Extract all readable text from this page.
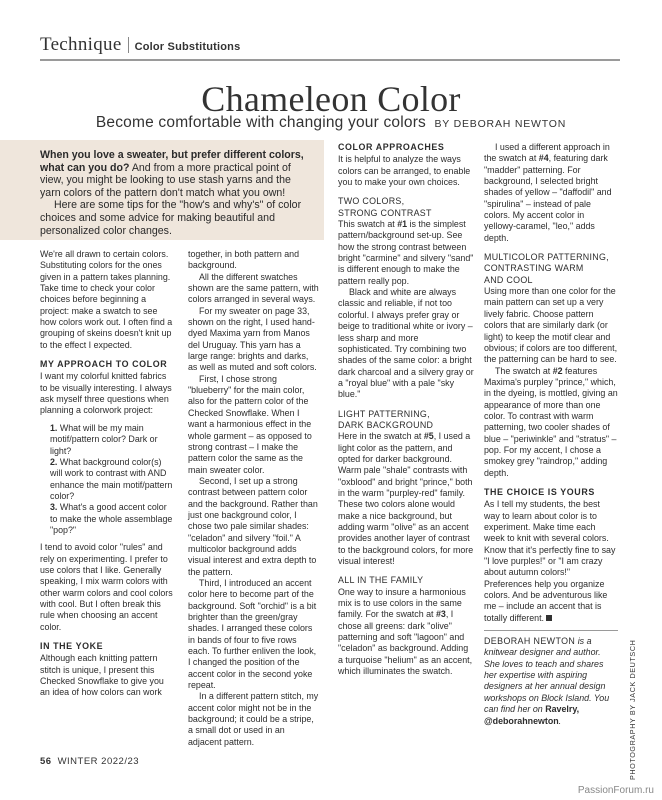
Technique Color Substitutions
Chameleon Color
Become comfortable with changing your colors BY DEBORAH NEWTON

When you love a sweater, but prefer different colors, what can you do? And from a more practical point of view, you might be looking to use stash yarns and the yarn colors of the pattern don't match what you own!

Here are some tips for the "how's and why's" of color choices and some advice for making beautiful and personalized color changes.

We're all drawn to certain colors. Substituting colors for the ones given in a pattern takes planning. Take time to check your color choices before beginning a project: make a swatch to see how colors work out. I often find a grouping of skeins doesn't knit up to the effect I expected.

MY APPROACH TO COLOR

I want my colorful knitted fabrics to be visually interesting. I always ask myself three questions when planning a colorwork project:

1. What will be my main motif/pattern color? Dark or light?
2. What background color(s) will work to contrast with AND enhance the main motif/pattern color?
3. What's a good accent color to make the whole assemblage "pop?"

I tend to avoid color "rules" and rely on experimenting. I prefer to use colors that I like. Generally speaking, I mix warm colors with other warm colors and cool colors with cool. But I often break this rule when choosing an accent color.

IN THE YOKE

Although each knitting pattern stitch is unique, I present this Checked Snowflake to give you an idea of how colors can work

together, in both pattern and background.

All the different swatches shown are the same pattern, with colors arranged in several ways.

For my sweater on page 33, shown on the right, I used hand-dyed Maxima yarn from Manos del Uruguay. This yarn has a large range: brights and darks, as well as muted and soft colors.

First, I chose strong "blueberry" for the main color, also for the pattern color of the Checked Snowflake. When I want a harmonious effect in the whole garment – as opposed to strong contrast – I make the pattern color the same as the main sweater color.

Second, I set up a strong contrast between pattern color and the background. Rather than just one background color, I chose two pale similar shades: "celadon" and silvery "foil." A multicolor background adds visual interest and extra depth to the pattern.

Third, I introduced an accent color here to become part of the background. Soft "orchid" is a bit brighter than the green/gray shades. I arranged these colors in bands of four to five rows each. To further enliven the look, I changed the position of the accent color in the second yoke repeat.

In a different pattern stitch, my accent color might not be in the background; it could be a stripe, a small dot or used in an adjacent pattern.

COLOR APPROACHES

It is helpful to analyze the ways colors can be arranged, to enable you to make your own choices.

TWO COLORS,
STRONG CONTRAST

This swatch at #1 is the simplest pattern/background set-up. See how the strong contrast between bright "carmine" and silvery "sand" is different enough to make the pattern really pop.

Black and white are always classic and reliable, if not too colorful. I always prefer gray or beige to traditional white or ivory – less sharp and more sophisticated. Try combining two shades of the same color: a bright dark charcoal and a silvery gray or a "royal blue" with a pale "sky blue."

LIGHT PATTERNING,
DARK BACKGROUND

Here in the swatch at #5, I used a light color as the pattern, and opted for darker background. Warm pale "shale" contrasts with "oxblood" and bright "prince," both in the warm "purpley-red" family. These two colors alone would make a nice background, but adding warm "olive" as an accent provides another layer of contrast to the background colors, for more visual interest!

ALL IN THE FAMILY

One way to insure a harmonious mix is to use colors in the same family. For the swatch at #3, I chose all greens: dark "olive" patterning and soft "lagoon" and "celadon" as background. Adding a turquoise "helium" as an accent, which illuminates the swatch.

I used a different approach in the swatch at #4, featuring dark "madder" patterning. For background, I selected bright shades of yellow – "daffodil" and "spirulina" – instead of pale colors. My accent color in yellowy-caramel, "leo," adds depth.

MULTICOLOR PATTERNING,
CONTRASTING WARM
AND COOL

Using more than one color for the main pattern can set up a very lively fabric. Choose pattern colors that are similarly dark (or light) to keep the motif clear and obvious; if colors are too different, the patterning can be hard to see.

The swatch at #2 features Maxima's purpley "prince," which, in the dyeing, is mottled, giving an appearance of more than one color. To contrast with warm patterning, two cooler shades of blue – "periwinkle" and "stratus" – pop. For my accent, I chose a smokey grey "raindrop," adding depth.

THE CHOICE IS YOURS

As I tell my students, the best way to learn about color is to experiment. Make time each week to knit with several colors. Know that it's perfectly fine to say "I love purples!" or "I am crazy about autumn colors!" Preferences help you organize colors. And be adventurous like me – include an accent that is totally different.

DEBORAH NEWTON is a knitwear designer and author. She loves to teach and shares her expertise with aspiring designers at her annual design workshops on Block Island. You can find her on Ravelry, @deborahnewton.	PHOTOGRAPHY BY JACK DEUTSCH
56 WINTER 2022/23
PassionForum.ru
